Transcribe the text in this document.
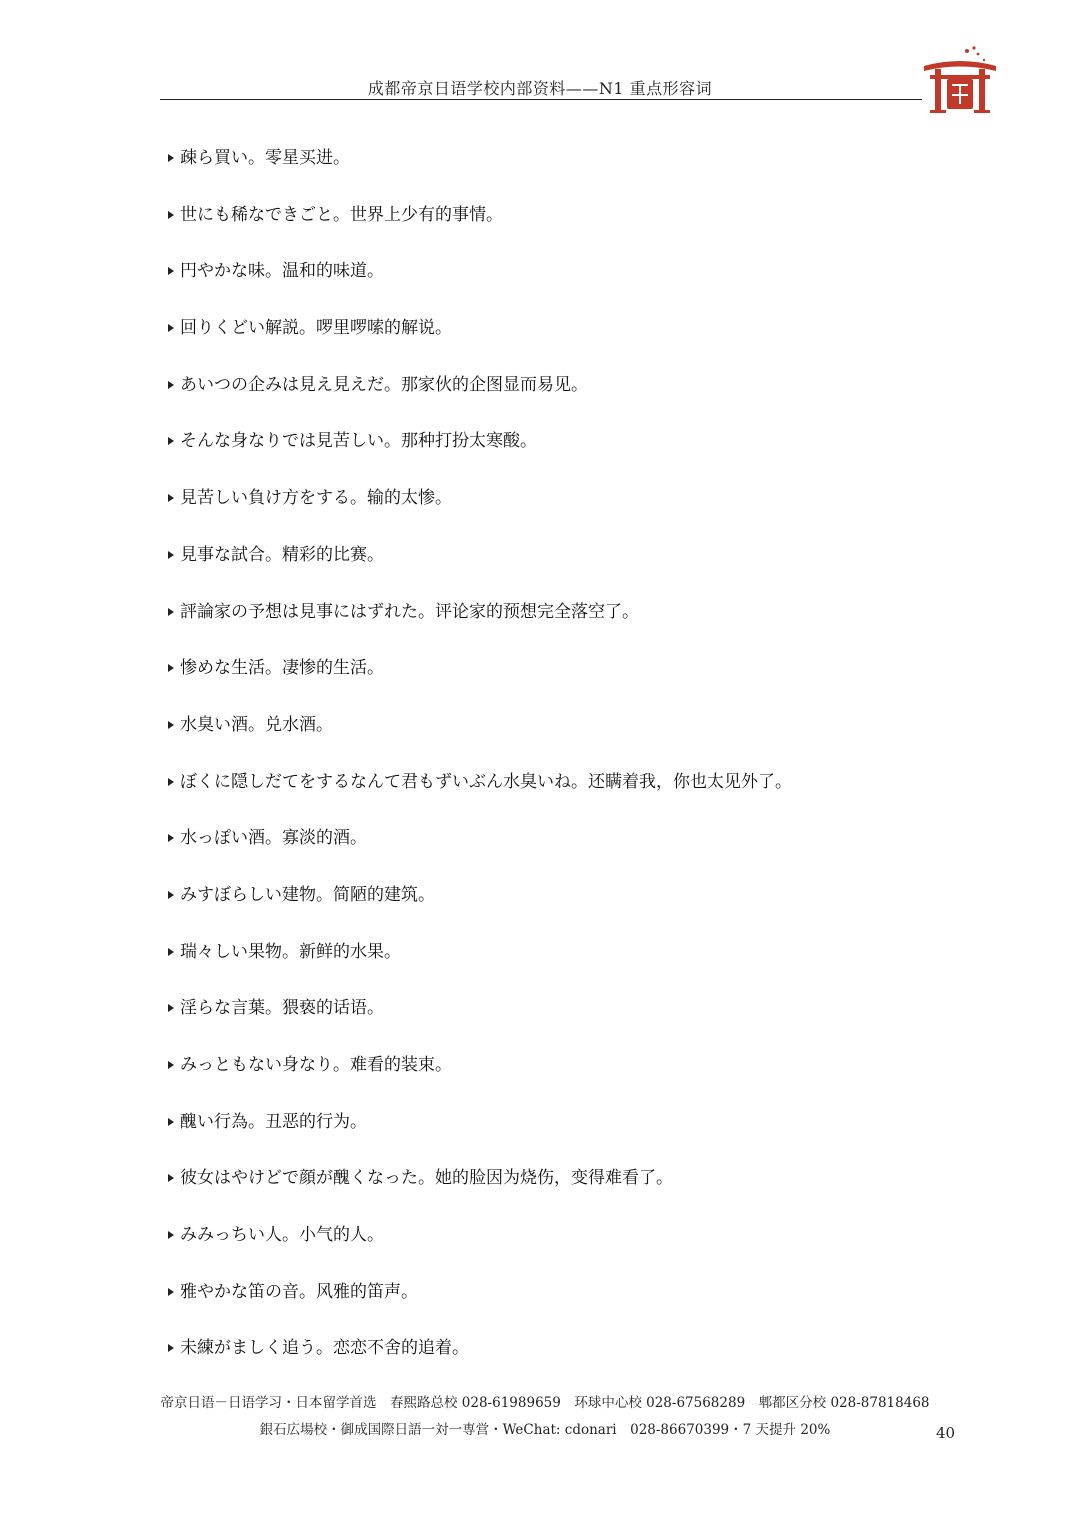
成都帝京日语学校内部资料——N1 重点形容词
疎ら買い。零星买进。
世にも稀なできごと。世界上少有的事情。
円やかな味。温和的味道。
回りくどい解説。啰里啰嗦的解说。
あいつの企みは見え見えだ。那家伙的企图显而易见。
そんな身なりでは見苦しい。那种打扮太寒酸。
見苦しい負け方をする。输的太惨。
見事な試合。精彩的比赛。
評論家の予想は見事にはずれた。评论家的预想完全落空了。
惨めな生活。凄惨的生活。
水臭い酒。兑水酒。
ぼくに隠しだてをするなんて君もずいぶん水臭いね。还瞒着我，你也太见外了。
水っぽい酒。寡淡的酒。
みすぼらしい建物。简陋的建筑。
瑞々しい果物。新鲜的水果。
淫らな言葉。猥亵的话语。
みっともない身なり。难看的装束。
醜い行為。丑恶的行为。
彼女はやけどで顔が醜くなった。她的脸因为烧伤，变得难看了。
みみっちい人。小气的人。
雅やかな笛の音。风雅的笛声。
未練がましく追う。恋恋不舍的追着。
帝京日语－日语学习・日本留学首选　春熙路总校 028-61989659　环球中心校 028-67568289　郫都区分校 028-87818468
銀石広場校・御成国際日語一対一専営・WeChat: cdonari　028-86670399・7 天提升 20%	40
